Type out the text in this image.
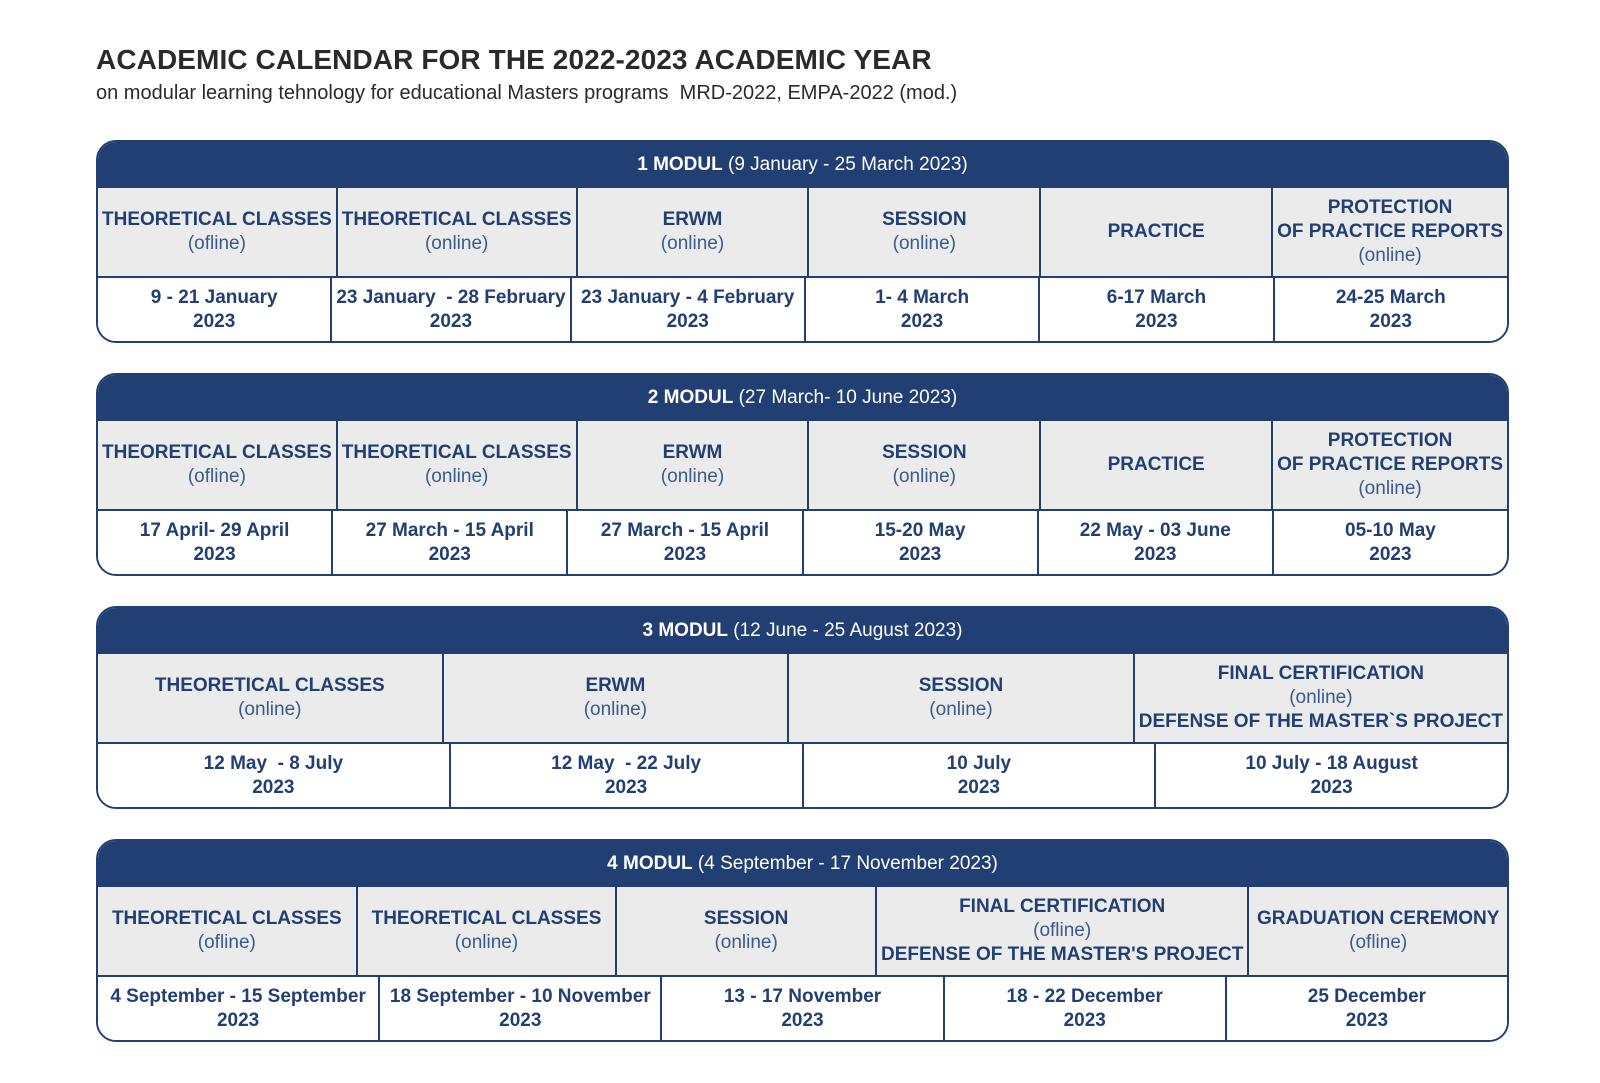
ACADEMIC CALENDAR FOR THE 2022-2023 ACADEMIC YEAR

on modular learning tehnology for educational Masters programs  MRD-2022, EMPA-2022 (mod.)

1 MODUL (9 January - 25 March 2023)
THEORETICAL CLASSES
(ofline)
THEORETICAL CLASSES
(online)
ERWM
(online)
SESSION
(online)
PRACTICE
PROTECTION
OF PRACTICE REPORTS
(online)
9 - 21 January
2023
23 January  - 28 February
2023
23 January - 4 February
2023
1- 4 March
2023
6-17 March
2023
24-25 March
2023
2 MODUL (27 March- 10 June 2023)
THEORETICAL CLASSES
(ofline)
THEORETICAL CLASSES
(online)
ERWM
(online)
SESSION
(online)
PRACTICE
PROTECTION
OF PRACTICE REPORTS
(online)
17 April- 29 April
2023
27 March - 15 April
2023
27 March - 15 April
2023
15-20 May
2023
22 May - 03 June
2023
05-10 May
2023
3 MODUL (12 June - 25 August 2023)
THEORETICAL CLASSES
(online)
ERWM
(online)
SESSION
(online)
FINAL CERTIFICATION
(online)
DEFENSE OF THE MASTER`S PROJECT
12 May  - 8 July
2023
12 May  - 22 July
2023
10 July
2023
10 July - 18 August
2023
4 MODUL (4 September - 17 November 2023)
THEORETICAL CLASSES
(ofline)
THEORETICAL CLASSES
(online)
SESSION
(online)
FINAL CERTIFICATION
(ofline)
DEFENSE OF THE MASTER'S PROJECT
GRADUATION CEREMONY
(ofline)
4 September - 15 September
2023
18 September - 10 November
2023
13 - 17 November
2023
18 - 22 December
2023
25 December
2023
